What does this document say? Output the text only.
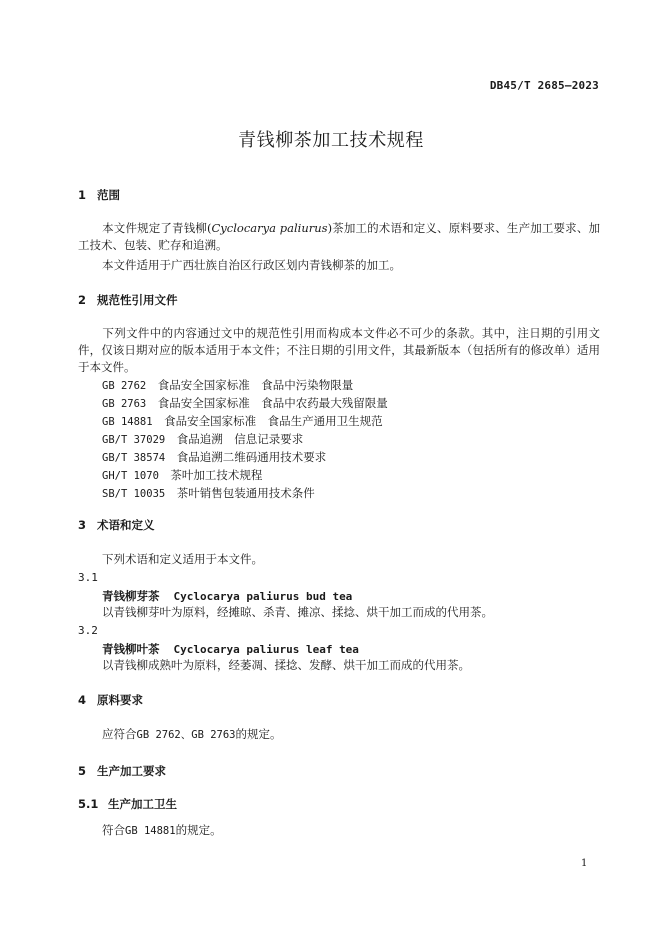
DB45/T 2685—2023
青钱柳茶加工技术规程
1 范围
本文件规定了青钱柳(Cyclocarya paliurus)茶加工的术语和定义、原料要求、生产加工要求、加工技术、包装、贮存和追溯。
本文件适用于广西壮族自治区行政区划内青钱柳茶的加工。
2 规范性引用文件
下列文件中的内容通过文中的规范性引用而构成本文件必不可少的条款。其中，注日期的引用文件，仅该日期对应的版本适用于本文件；不注日期的引用文件，其最新版本（包括所有的修改单）适用于本文件。
GB 2762　 食品安全国家标准　食品中污染物限量
GB 2763　 食品安全国家标准　食品中农药最大残留限量
GB 14881　 食品安全国家标准　食品生产通用卫生规范
GB/T 37029　 食品追溯　信息记录要求
GB/T 38574　 食品追溯二维码通用技术要求
GH/T 1070　 茶叶加工技术规程
SB/T 10035　 茶叶销售包装通用技术条件
3 术语和定义
下列术语和定义适用于本文件。
3.1
青钱柳芽茶 Cyclocarya paliurus bud tea
以青钱柳芽叶为原料，经摊晾、杀青、摊凉、揉捻、烘干加工而成的代用茶。
3.2
青钱柳叶茶 Cyclocarya paliurus leaf tea
以青钱柳成熟叶为原料，经萎凋、揉捻、发酵、烘干加工而成的代用茶。
4 原料要求
应符合GB 2762、GB 2763的规定。
5 生产加工要求
5.1 生产加工卫生
符合GB 14881的规定。
1
